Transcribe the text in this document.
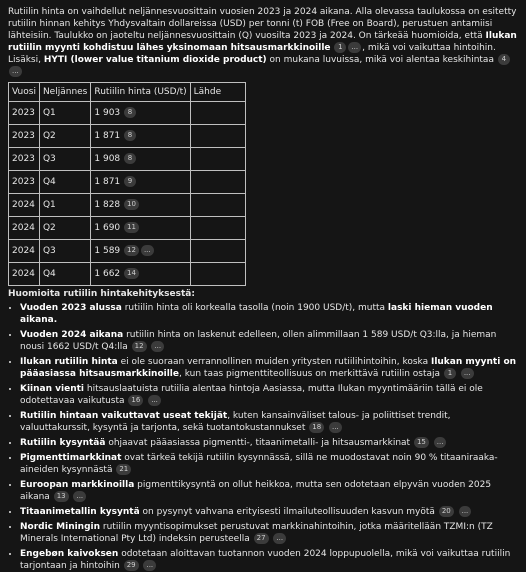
Rutiilin hinta on vaihdellut neljännesvuosittain vuosien 2023 ja 2024 aikana. Alla olevassa taulukossa on esitetty rutiilin hinnan kehitys Yhdysvaltain dollareissa (USD) per tonni (t) FOB (Free on Board), perustuen antamiisi lähteisiin. Taulukko on jaoteltu neljännesvuosittain (Q) vuosilta 2023 ja 2024. On tärkeää huomioida, että Ilukan rutiilin myynti kohdistuu lähes yksinomaan hitsausmarkkinoille 1 ... , mikä voi vaikuttaa hintoihin. Lisäksi, HYTI (lower value titanium dioxide product) on mukana luvuissa, mikä voi alentaa keskihintaa 4...

Vuosi	Neljännes	Rutiilin hinta (USD/t)	Lähde
2023	Q1	1 903 8	
2023	Q2	1 871 8	
2023	Q3	1 908 8	
2023	Q4	1 871 9	
2024	Q1	1 828 10	
2024	Q2	1 690 11	
2024	Q3	1 589 12 ...	
2024	Q4	1 662 14	
Huomioita rutiilin hintakehityksestä:
• Vuoden 2023 alussa rutiilin hinta oli korkealla tasolla (noin 1900 USD/t), mutta laski hieman vuoden aikana.
• Vuoden 2024 aikana rutiilin hinta on laskenut edelleen, ollen alimmillaan 1 589 USD/t Q3:lla, ja hieman nousi 1662 USD/t Q4:lla 12 ...
• Ilukan rutiilin hinta ei ole suoraan verrannollinen muiden yritysten rutiilihintoihin, koska Ilukan myynti on pääasiassa hitsausmarkkinoille, kun taas pigmenttiteollisuus on merkittävä rutiilin ostaja 1 ...
• Kiinan vienti hitsauslaatuista rutiilia alentaa hintoja Aasiassa, mutta Ilukan myyntimääriin tällä ei ole odotettavaa vaikutusta 16 ...
• Rutiilin hintaan vaikuttavat useat tekijät, kuten kansainväliset talous- ja poliittiset trendit, valuuttakurssit, kysyntä ja tarjonta, sekä tuotantokustannukset 18 ...
• Rutiilin kysyntää ohjaavat pääasiassa pigmentti-, titaanimetalli- ja hitsausmarkkinat 15 ...
• Pigmenttimarkkinat ovat tärkeä tekijä rutiilin kysynnässä, sillä ne muodostavat noin 90 % titaaniraaka-aineiden kysynnästä 21
• Euroopan markkinoilla pigmenttikysyntä on ollut heikkoa, mutta sen odotetaan elpyvän vuoden 2025 aikana 13 ...
• Titaanimetallin kysyntä on pysynyt vahvana erityisesti ilmailuteollisuuden kasvun myötä 20 ...
• Nordic Miningin rutiilin myyntisopimukset perustuvat markkinahintoihin, jotka määritellään TZMI:n (TZ Minerals International Pty Ltd) indeksin perusteella 27 ...
• Engebøn kaivoksen odotetaan aloittavan tuotannon vuoden 2024 loppupuolella, mikä voi vaikuttaa rutiilin tarjontaan ja hintoihin 29 ...
